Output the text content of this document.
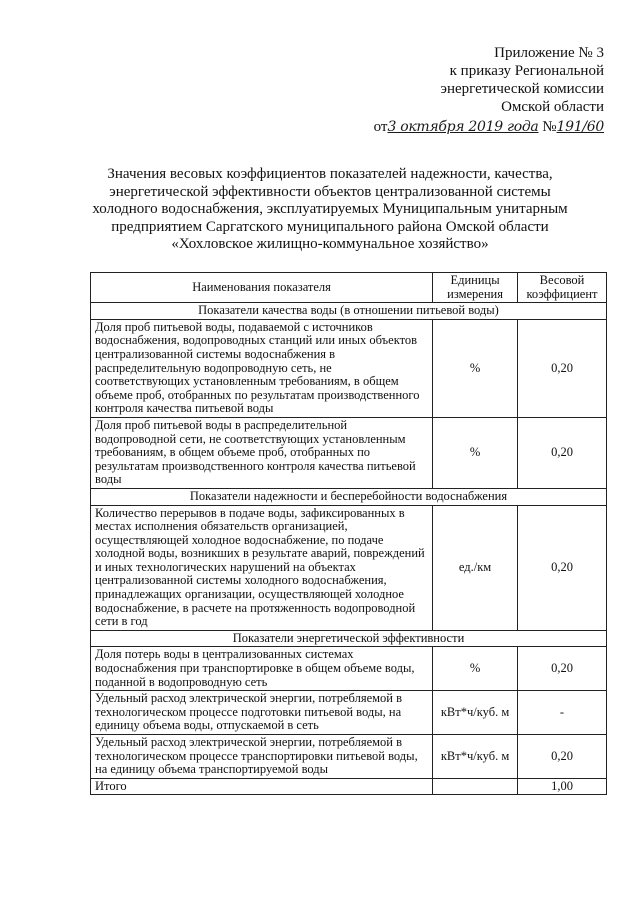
Приложение № 3
к приказу Региональной
энергетической комиссии
Омской области
от3 октября 2019 года №191/60
Значения весовых коэффициентов показателей надежности, качества,
энергетической эффективности объектов централизованной системы
холодного водоснабжения, эксплуатируемых Муниципальным унитарным
предприятием Саргатского муниципального района Омской области
«Хохловское жилищно-коммунальное хозяйство»
Наименования показателя	Единицы измерения	Весовой коэффициент
Показатели качества воды (в отношении питьевой воды)		
Доля проб питьевой воды, подаваемой с источников водоснабжения, водопроводных станций или иных объектов централизованной системы водоснабжения в распределительную водопроводную сеть, не соответствующих установленным требованиям, в общем объеме проб, отобранных по результатам производственного контроля качества питьевой воды	%	0,20
Доля проб питьевой воды в распределительной водопроводной сети, не соответствующих установленным требованиям, в общем объеме проб, отобранных по результатам производственного контроля качества питьевой воды	%	0,20
Показатели надежности и бесперебойности водоснабжения		
Количество перерывов в подаче воды, зафиксированных в местах исполнения обязательств организацией, осуществляющей холодное водоснабжение, по подаче холодной воды, возникших в результате аварий, повреждений и иных технологических нарушений на объектах централизованной системы холодного водоснабжения, принадлежащих организации, осуществляющей холодное водоснабжение, в расчете на протяженность водопроводной сети в год	ед./км	0,20
Показатели энергетической эффективности		
Доля потерь воды в централизованных системах водоснабжения при транспортировке в общем объеме воды, поданной в водопроводную сеть	%	0,20
Удельный расход электрической энергии, потребляемой в технологическом процессе подготовки питьевой воды, на единицу объема воды, отпускаемой в сеть	кВт*ч/куб. м	-
Удельный расход электрической энергии, потребляемой в технологическом процессе транспортировки питьевой воды, на единицу объема транспортируемой воды	кВт*ч/куб. м	0,20
Итого		1,00
